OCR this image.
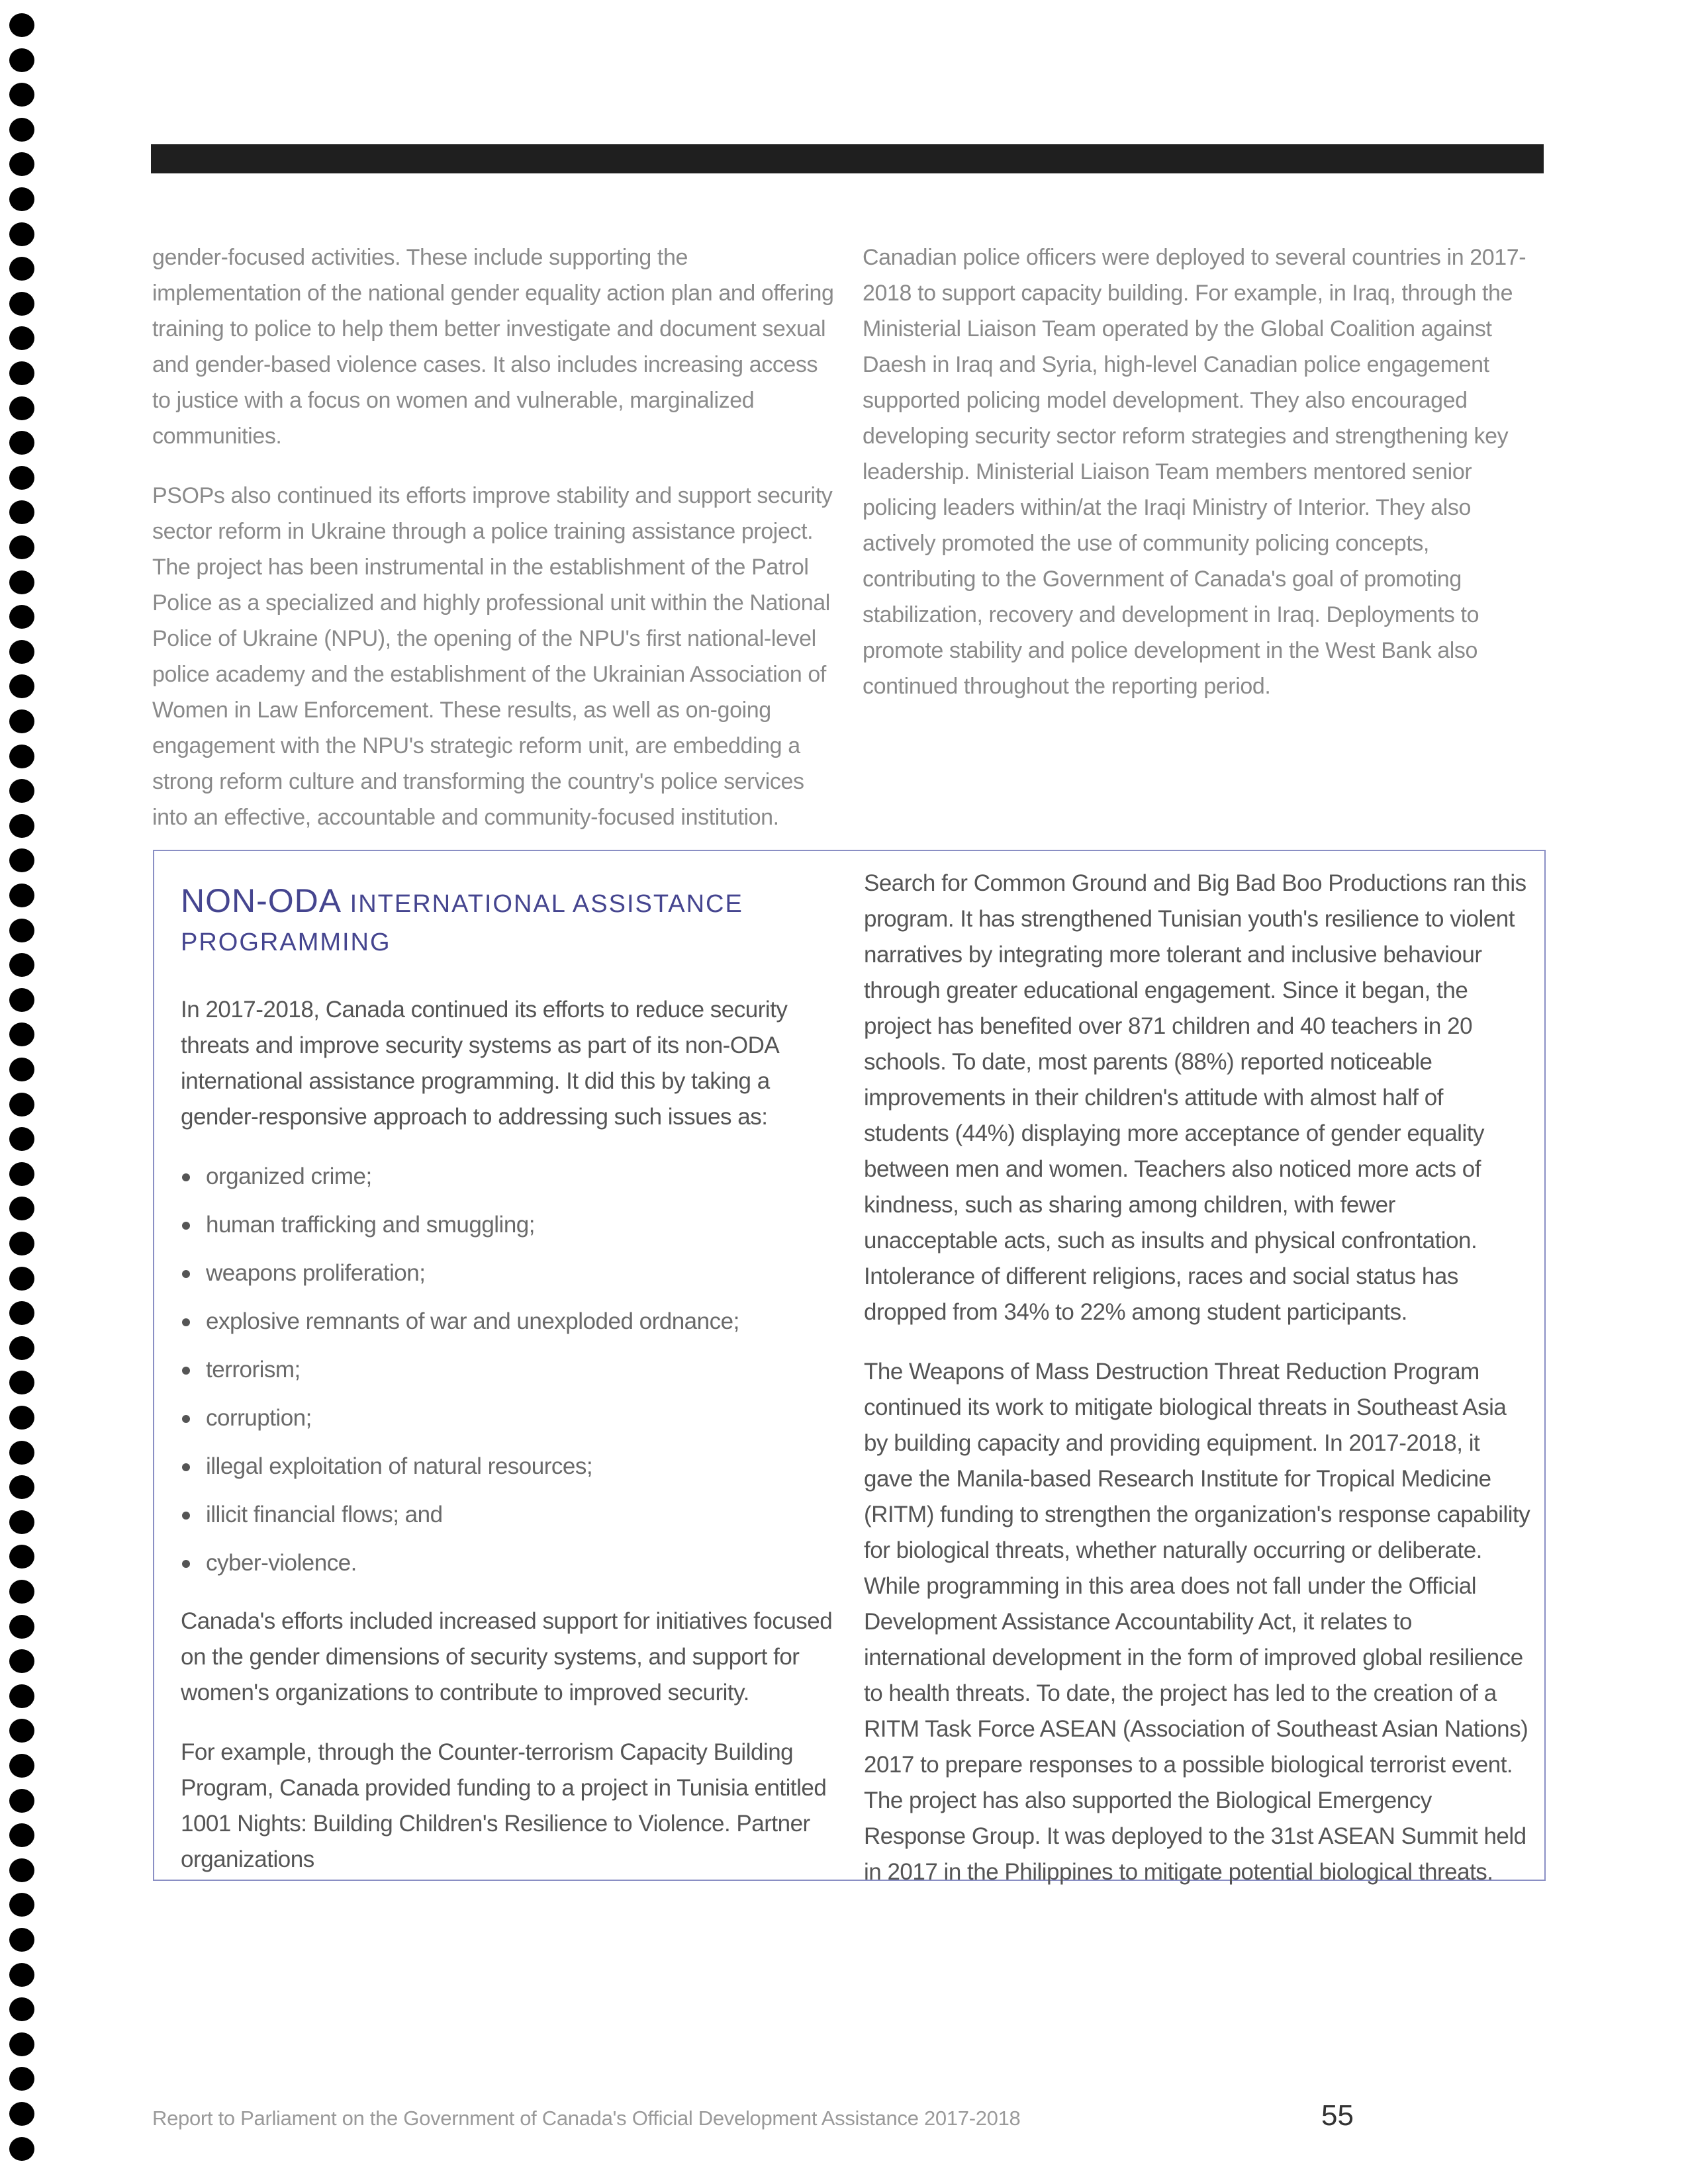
gender-focused activities. These include supporting the implementation of the national gender equality action plan and offering training to police to help them better investigate and document sexual and gender-based violence cases. It also includes increasing access to justice with a focus on women and vulnerable, marginalized communities.

PSOPs also continued its efforts improve stability and support security sector reform in Ukraine through a police training assistance project. The project has been instrumental in the establishment of the Patrol Police as a specialized and highly professional unit within the National Police of Ukraine (NPU), the opening of the NPU's first national-level police academy and the establishment of the Ukrainian Association of Women in Law Enforcement. These results, as well as on-going engagement with the NPU's strategic reform unit, are embedding a strong reform culture and transforming the country's police services into an effective, accountable and community-focused institution.

Canadian police officers were deployed to several countries in 2017-2018 to support capacity building. For example, in Iraq, through the Ministerial Liaison Team operated by the Global Coalition against Daesh in Iraq and Syria, high-level Canadian police engagement supported policing model development. They also encouraged developing security sector reform strategies and strengthening key leadership. Ministerial Liaison Team members mentored senior policing leaders within/at the Iraqi Ministry of Interior. They also actively promoted the use of community policing concepts, contributing to the Government of Canada's goal of promoting stabilization, recovery and development in Iraq. Deployments to promote stability and police development in the West Bank also continued throughout the reporting period.

NON-ODA INTERNATIONAL ASSISTANCE PROGRAMMING

In 2017-2018, Canada continued its efforts to reduce security threats and improve security systems as part of its non-ODA international assistance programming. It did this by taking a gender-responsive approach to addressing such issues as:

organized crime;
human trafficking and smuggling;
weapons proliferation;
explosive remnants of war and unexploded ordnance;
terrorism;
corruption;
illegal exploitation of natural resources;
illicit financial flows; and
cyber-violence.

Canada's efforts included increased support for initiatives focused on the gender dimensions of security systems, and support for women's organizations to contribute to improved security.

For example, through the Counter-terrorism Capacity Building Program, Canada provided funding to a project in Tunisia entitled 1001 Nights: Building Children's Resilience to Violence. Partner organizations

Search for Common Ground and Big Bad Boo Productions ran this program. It has strengthened Tunisian youth's resilience to violent narratives by integrating more tolerant and inclusive behaviour through greater educational engagement. Since it began, the project has benefited over 871 children and 40 teachers in 20 schools. To date, most parents (88%) reported noticeable improvements in their children's attitude with almost half of students (44%) displaying more acceptance of gender equality between men and women. Teachers also noticed more acts of kindness, such as sharing among children, with fewer unacceptable acts, such as insults and physical confrontation. Intolerance of different religions, races and social status has dropped from 34% to 22% among student participants.

The Weapons of Mass Destruction Threat Reduction Program continued its work to mitigate biological threats in Southeast Asia by building capacity and providing equipment. In 2017-2018, it gave the Manila-based Research Institute for Tropical Medicine (RITM) funding to strengthen the organization's response capability for biological threats, whether naturally occurring or deliberate. While programming in this area does not fall under the Official Development Assistance Accountability Act, it relates to international development in the form of improved global resilience to health threats. To date, the project has led to the creation of a RITM Task Force ASEAN (Association of Southeast Asian Nations) 2017 to prepare responses to a possible biological terrorist event. The project has also supported the Biological Emergency Response Group. It was deployed to the 31st ASEAN Summit held in 2017 in the Philippines to mitigate potential biological threats.

Report to Parliament on the Government of Canada's Official Development Assistance 2017-2018	55
